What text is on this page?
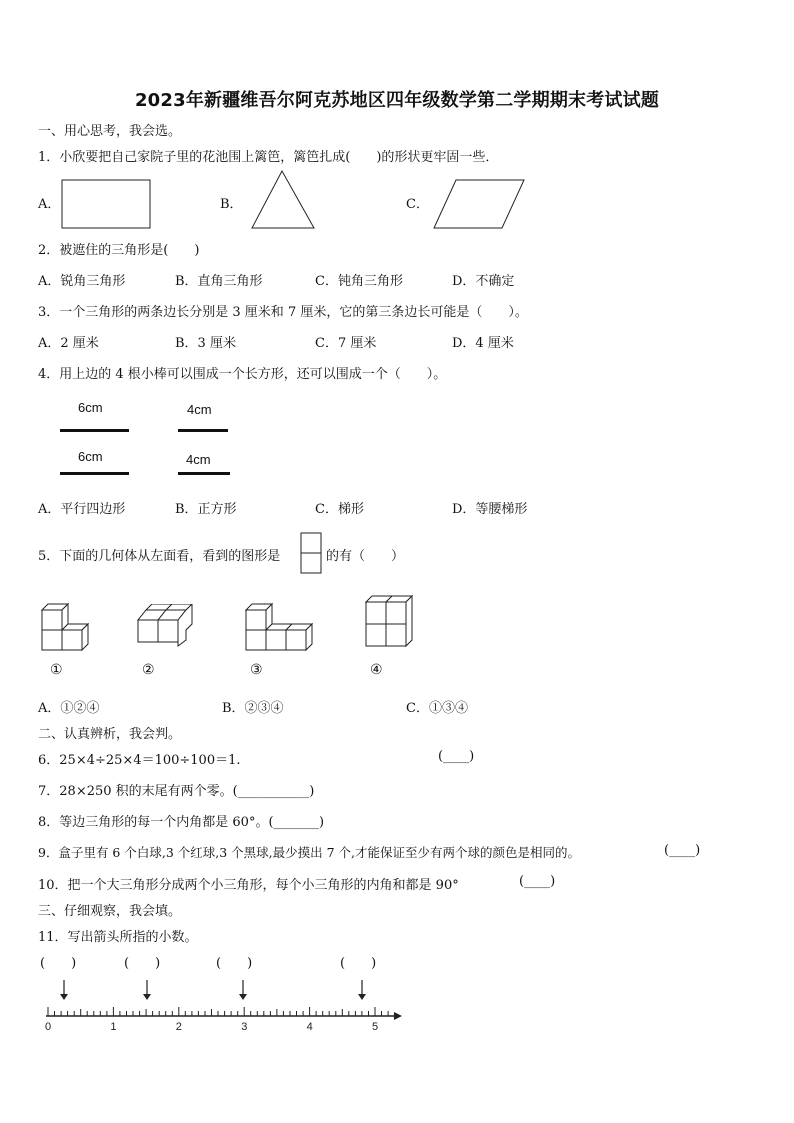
2023年新疆维吾尔阿克苏地区四年级数学第二学期期末考试试题
一、用心思考，我会选。
1．小欣要把自己家院子里的花池围上篱笆，篱笆扎成(　　)的形状更牢固一些．
A．	B．	C．
2．被遮住的三角形是(　　)
A．锐角三角形	B．直角三角形	C．钝角三角形	D．不确定
3．一个三角形的两条边长分别是 3 厘米和 7 厘米，它的第三条边长可能是（　　）。
A．2 厘米	B．3 厘米	C．7 厘米	D．4 厘米
4．用上边的 4 根小棒可以围成一个长方形，还可以围成一个（　　）。
6cm	4cm
6cm	4cm
A．平行四边形	B．正方形	C．梯形	D．等腰梯形
5．下面的几何体从左面看，看到的图形是	的有（　　）
①	②	③	④
A．①②④	B．②③④	C．①③④
二、认真辨析，我会判。
6．25×4÷25×4＝100÷100＝1.	(____)
7．28×250 积的末尾有两个零。(___________)
8．等边三角形的每一个内角都是 60°。(_______)
9．盒子里有 6 个白球,3 个红球,3 个黑球,最少摸出 7 个,才能保证至少有两个球的颜色是相同的。	(____)
10．把一个大三角形分成两个小三角形，每个小三角形的内角和都是 90°	(____)
三、仔细观察，我会填。
11．写出箭头所指的小数。
(　　)	(　　)	(　　)	(　　)
0	1	2	3	4	5
